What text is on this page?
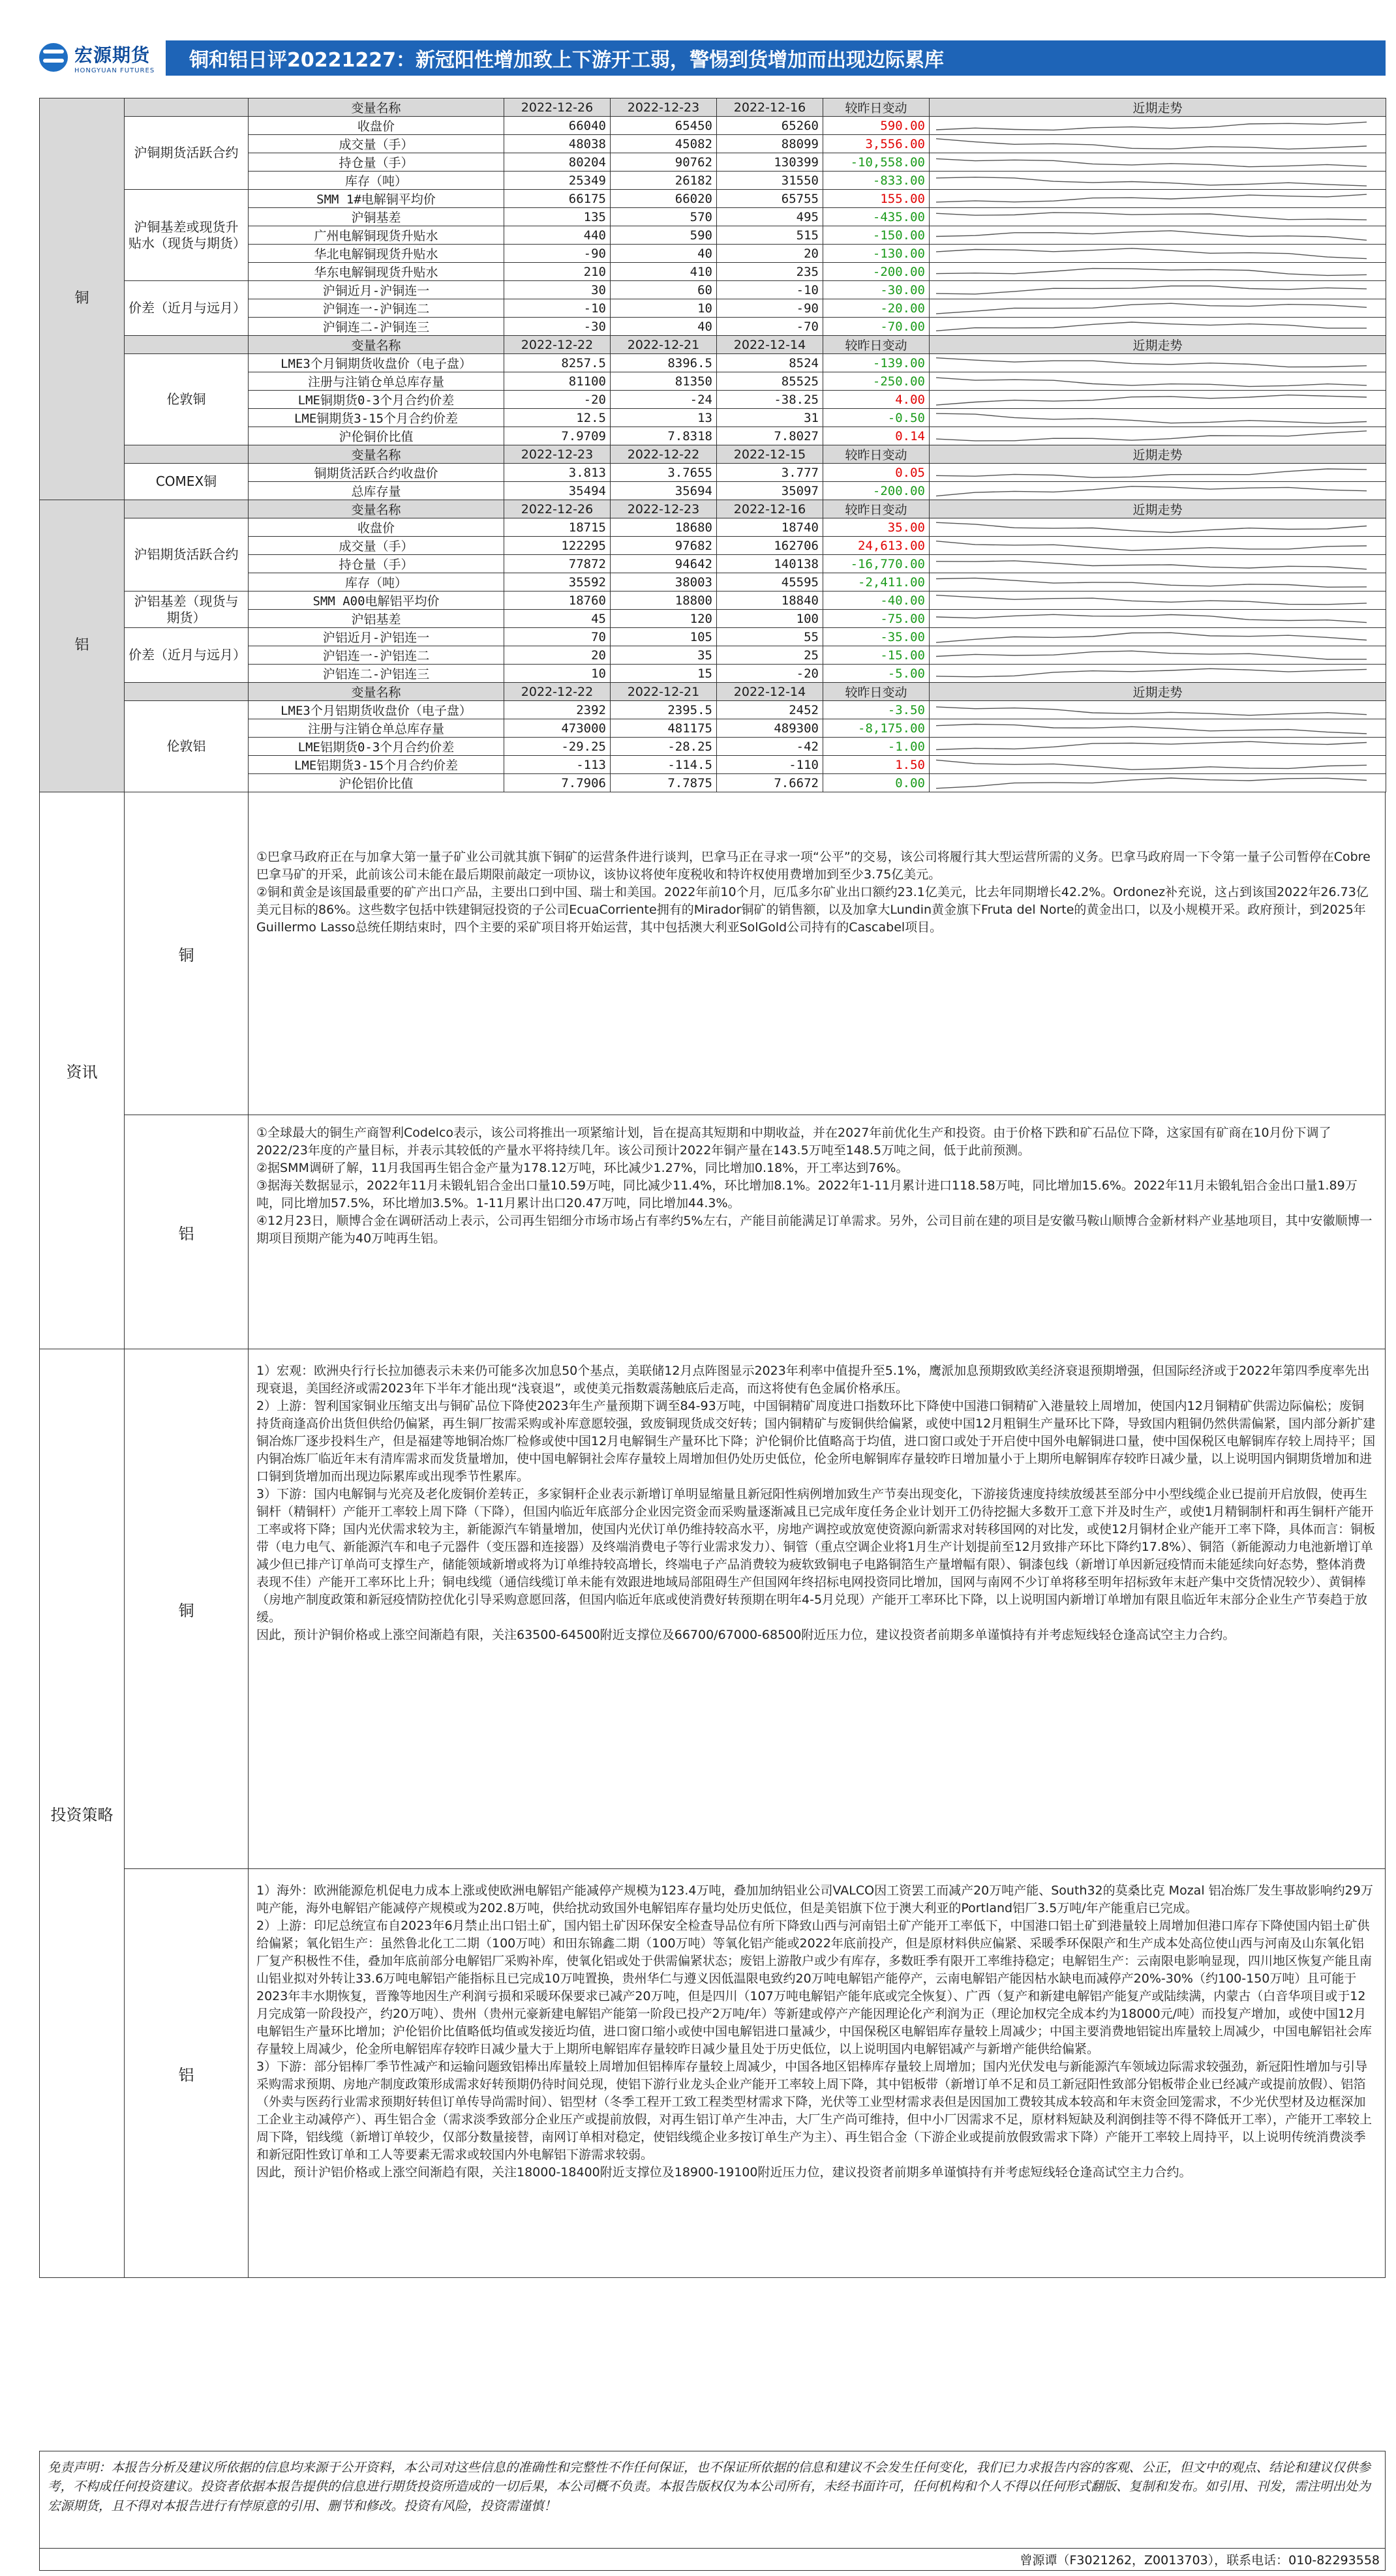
宏源期货
HONGYUAN FUTURES	铜和铝日评20221227：新冠阳性增加致上下游开工弱，警惕到货增加而出现边际累库
铜		变量名称	2022-12-26	2022-12-23	2022-12-16	较昨日变动	近期走势
	沪铜期货活跃合约	收盘价	66040	65450	65260	590.00	

		成交量（手）	48038	45082	88099	3,556.00	

		持仓量（手）	80204	90762	130399	-10,558.00	

		库存（吨）	25349	26182	31550	-833.00	

	沪铜基差或现货升贴水（现货与期货）	SMM 1#电解铜平均价	66175	66020	65755	155.00	

		沪铜基差	135	570	495	-435.00	

		广州电解铜现货升贴水	440	590	515	-150.00	

		华北电解铜现货升贴水	-90	40	20	-130.00	

		华东电解铜现货升贴水	210	410	235	-200.00	

	价差（近月与远月）	沪铜近月-沪铜连一	30	60	-10	-30.00	

		沪铜连一-沪铜连二	-10	10	-90	-20.00	

		沪铜连二-沪铜连三	-30	40	-70	-70.00	

		变量名称	2022-12-22	2022-12-21	2022-12-14	较昨日变动	近期走势
	伦敦铜	LME3个月铜期货收盘价（电子盘）	8257.5	8396.5	8524	-139.00	

		注册与注销仓单总库存量	81100	81350	85525	-250.00	

		LME铜期货0-3个月合约价差	-20	-24	-38.25	4.00	

		LME铜期货3-15个月合约价差	12.5	13	31	-0.50	

		沪伦铜价比值	7.9709	7.8318	7.8027	0.14	

		变量名称	2022-12-23	2022-12-22	2022-12-15	较昨日变动	近期走势
	COMEX铜	铜期货活跃合约收盘价	3.813	3.7655	3.777	0.05	

		总库存量	35494	35694	35097	-200.00	

铝		变量名称	2022-12-26	2022-12-23	2022-12-16	较昨日变动	近期走势
	沪铝期货活跃合约	收盘价	18715	18680	18740	35.00	

		成交量（手）	122295	97682	162706	24,613.00	

		持仓量（手）	77872	94642	140138	-16,770.00	

		库存（吨）	35592	38003	45595	-2,411.00	

	沪铝基差（现货与期货）	SMM A00电解铝平均价	18760	18800	18840	-40.00	

		沪铝基差	45	120	100	-75.00	

	价差（近月与远月）	沪铝近月-沪铝连一	70	105	55	-35.00	

		沪铝连一-沪铝连二	20	35	25	-15.00	

		沪铝连二-沪铝连三	10	15	-20	-5.00	

		变量名称	2022-12-22	2022-12-21	2022-12-14	较昨日变动	近期走势
	伦敦铝	LME3个月铝期货收盘价（电子盘）	2392	2395.5	2452	-3.50	

		注册与注销仓单总库存量	473000	481175	489300	-8,175.00	

		LME铝期货0-3个月合约价差	-29.25	-28.25	-42	-1.00	

		LME铝期货3-15个月合约价差	-113	-114.5	-110	1.50	

		沪伦铝价比值	7.7906	7.7875	7.6672	0.00	
资讯
铜
①巴拿马政府正在与加拿大第一量子矿业公司就其旗下铜矿的运营条件进行谈判，巴拿马正在寻求一项“公平”的交易，该公司将履行其大型运营所需的义务。巴拿马政府周一下令第一量子公司暂停在Cobre巴拿马矿的开采，此前该公司未能在最后期限前敲定一项协议，该协议将使年度税收和特许权使用费增加到至少3.75亿美元。
②铜和黄金是该国最重要的矿产出口产品，主要出口到中国、瑞士和美国。2022年前10个月，厄瓜多尔矿业出口额约23.1亿美元，比去年同期增长42.2%。Ordonez补充说，这占到该国2022年26.73亿美元目标的86%。这些数字包括中铁建铜冠投资的子公司EcuaCorriente拥有的Mirador铜矿的销售额，以及加拿大Lundin黄金旗下Fruta del Norte的黄金出口，以及小规模开采。政府预计，到2025年Guillermo Lasso总统任期结束时，四个主要的采矿项目将开始运营，其中包括澳大利亚SolGold公司持有的Cascabel项目。
铝
①全球最大的铜生产商智利Codelco表示，该公司将推出一项紧缩计划，旨在提高其短期和中期收益，并在2027年前优化生产和投资。由于价格下跌和矿石品位下降，这家国有矿商在10月份下调了2022/23年度的产量目标，并表示其较低的产量水平将持续几年。该公司预计2022年铜产量在143.5万吨至148.5万吨之间，低于此前预测。
②据SMM调研了解，11月我国再生铝合金产量为178.12万吨，环比减少1.27%，同比增加0.18%，开工率达到76%。
③据海关数据显示，2022年11月未锻轧铝合金出口量10.59万吨，同比减少11.4%，环比增加8.1%。2022年1-11月累计进口118.58万吨，同比增加15.6%。2022年11月未锻轧铝合金出口量1.89万吨，同比增加57.5%，环比增加3.5%。1-11月累计出口20.47万吨，同比增加44.3%。
④12月23日，顺博合金在调研活动上表示，公司再生铝细分市场市场占有率约5%左右，产能目前能满足订单需求。另外，公司目前在建的项目是安徽马鞍山顺博合金新材料产业基地项目，其中安徽顺博一期项目预期产能为40万吨再生铝。
投资策略
铜
1）宏观：欧洲央行行长拉加德表示未来仍可能多次加息50个基点，美联储12月点阵图显示2023年利率中值提升至5.1%，鹰派加息预期致欧美经济衰退预期增强，但国际经济或于2022年第四季度率先出现衰退，美国经济或需2023年下半年才能出现“浅衰退”，或使美元指数震荡触底后走高，而这将使有色金属价格承压。
2）上游：智利国家铜业压缩支出与铜矿品位下降使2023年生产量预期下调至84-93万吨，中国铜精矿周度进口指数环比下降使中国港口铜精矿入港量较上周增加，使国内12月铜精矿供需边际偏松；废铜持货商逢高价出货但供给仍偏紧，再生铜厂按需采购或补库意愿较强，致废铜现货成交好转；国内铜精矿与废铜供给偏紧，或使中国12月粗铜生产量环比下降，导致国内粗铜仍然供需偏紧，国内部分新扩建铜冶炼厂逐步投料生产，但是福建等地铜冶炼厂检修或使中国12月电解铜生产量环比下降；沪伦铜价比值略高于均值，进口窗口或处于开启使中国外电解铜进口量，使中国保税区电解铜库存较上周持平；国内铜冶炼厂临近年末有清库需求而发货量增加，使中国电解铜社会库存量较上周增加但仍处历史低位，伦金所电解铜库存量较昨日增加量小于上期所电解铜库存较昨日减少量，以上说明国内铜期货增加和进口铜到货增加而出现边际累库或出现季节性累库。
3）下游：国内电解铜与光亮及老化废铜价差转正，多家铜杆企业表示新增订单明显缩量且新冠阳性病例增加致生产节奏出现变化，下游接货速度持续放缓甚至部分中小型线缆企业已提前开启放假，使再生铜杆（精铜杆）产能开工率较上周下降（下降），但国内临近年底部分企业因完资金而采购量逐渐减且已完成年度任务企业计划开工仍待挖掘大多数开工意下并及时生产，或使1月精铜制杆和再生铜杆产能开工率或将下降；国内光伏需求较为主，新能源汽车销量增加，使国内光伏订单仍维持较高水平，房地产调控或放宽使资源向新需求对转移国网的对比发，或使12月铜材企业产能开工率下降，具体而言：铜板带（电力电气、新能源汽车和电子元器件（变压器和连接器）及终端消费电子等行业需求发力）、铜管（重点空调企业将1月生产计划提前至12月致排产环比下降约17.8%）、铜箔（新能源动力电池新增订单减少但已排产订单尚可支撑生产，储能领域新增或将为订单维持较高增长，终端电子产品消费较为疲软致铜电子电路铜箔生产量增幅有限）、铜漆包线（新增订单因新冠疫情而未能延续向好态势，整体消费表现不佳）产能开工率环比上升；铜电线缆（通信线缆订单未能有效跟进地域局部阻碍生产但国网年终招标电网投资同比增加，国网与南网不少订单将移至明年招标致年末赶产集中交货情况较少）、黄铜棒（房地产制度政策和新冠疫情防控优化引导采购意愿回落，但国内临近年底或使消费好转预期在明年4-5月兑现）产能开工率环比下降，以上说明国内新增订单增加有限且临近年末部分企业生产节奏趋于放缓。
因此，预计沪铜价格或上涨空间渐趋有限，关注63500-64500附近支撑位及66700/67000-68500附近压力位，建议投资者前期多单谨慎持有并考虑短线轻仓逢高试空主力合约。
铝
1）海外：欧洲能源危机促电力成本上涨或使欧洲电解铝产能减停产规模为123.4万吨，叠加加纳铝业公司VALCO因工资罢工而减产20万吨产能、South32的莫桑比克 Mozal 铝冶炼厂发生事故影响约29万吨产能，海外电解铝产能减停产规模或为202.8万吨，供给扰动致国外电解铝库存量均处历史低位，但是美铝旗下位于澳大利亚的Portland铝厂3.5万吨/年产能重启已完成。
2）上游：印尼总统宣布自2023年6月禁止出口铝土矿，国内铝土矿因环保安全检查导品位有所下降致山西与河南铝土矿产能开工率低下，中国港口铝土矿到港量较上周增加但港口库存下降使国内铝土矿供给偏紧；氧化铝生产：虽然鲁北化工二期（100万吨）和田东锦鑫二期（100万吨）等氧化铝产能或2022年底前投产，但是原材料供应偏紧、采暖季环保限产和生产成本处高位使山西与河南及山东氧化铝厂复产积极性不佳，叠加年底前部分电解铝厂采购补库，使氧化铝或处于供需偏紧状态；废铝上游散户或少有库存，多数旺季有限开工率维持稳定；电解铝生产：云南限电影响显现，四川地区恢复产能且南山铝业拟对外转让33.6万吨电解铝产能指标且已完成10万吨置换，贵州华仁与遵义因低温限电致约20万吨电解铝产能停产，云南电解铝产能因枯水缺电而减停产20%-30%（约100-150万吨）且可能于2023年丰水期恢复，晋豫等地因生产利润亏损和采暖环保要求已减产20万吨，但是四川（107万吨电解铝产能年底或完全恢复）、广西（复产和新建电解铝产能复产或陆续满，内蒙古（白音华项目或于12月完成第一阶段投产，约20万吨）、贵州（贵州元豪新建电解铝产能第一阶段已投产2万吨/年）等新建或停产产能因理论化产利润为正（理论加权完全成本约为18000元/吨）而投复产增加，或使中国12月电解铝生产量环比增加；沪伦铝价比值略低均值或发接近均值，进口窗口缩小或使中国电解铝进口量减少，中国保税区电解铝库存量较上周减少；中国主要消费地铝锭出库量较上周减少，中国电解铝社会库存量较上周减少，伦金所电解铝库存较昨日减少量大于上期所电解铝库存量较昨日减少量且处于历史低位，以上说明国内电解铝减产与新增产能供给偏紧。
3）下游：部分铝棒厂季节性减产和运输问题致铝棒出库量较上周增加但铝棒库存量较上周减少，中国各地区铝棒库存量较上周增加；国内光伏发电与新能源汽车领域边际需求较强劲，新冠阳性增加与引导采购需求预期、房地产制度政策形成需求好转预期仍待时间兑现，使铝下游行业龙头企业产能开工率较上周下降，其中铝板带（新增订单不足和员工新冠阳性致部分铝板带企业已经减产或提前放假）、铝箔（外卖与医药行业需求预期好转但订单传导尚需时间）、铝型材（冬季工程开工致工程类型材需求下降，光伏等工业型材需求表但是因国加工费较其成本较高和年末资金回笼需求，不少光伏型材及边框深加工企业主动减停产）、再生铝合金（需求淡季致部分企业压产或提前放假，对再生铝订单产生冲击，大厂生产尚可维持，但中小厂因需求不足，原材料短缺及利润倒挂等不得不降低开工率），产能开工率较上周下降，铝线缆（新增订单较少，仅部分数量接替，南网订单相对稳定，使铝线缆企业多按订单生产为主）、再生铝合金（下游企业或提前放假致需求下降）产能开工率较上周持平，以上说明传统消费淡季和新冠阳性致订单和工人等要素无需求或较国内外电解铝下游需求较弱。
因此，预计沪铝价格或上涨空间渐趋有限，关注18000-18400附近支撑位及18900-19100附近压力位，建议投资者前期多单谨慎持有并考虑短线轻仓逢高试空主力合约。
免责声明：本报告分析及建议所依据的信息均来源于公开资料，本公司对这些信息的准确性和完整性不作任何保证，也不保证所依据的信息和建议不会发生任何变化，我们已力求报告内容的客观、公正，但文中的观点、结论和建议仅供参考，不构成任何投资建议。投资者依据本报告提供的信息进行期货投资所造成的一切后果，本公司概不负责。本报告版权仅为本公司所有，未经书面许可，任何机构和个人不得以任何形式翻版、复制和发布。如引用、刊发，需注明出处为宏源期货，且不得对本报告进行有悖原意的引用、删节和修改。投资有风险，投资需谨慎！
曾源谭（F3021262，Z0013703），联系电话：010-82293558
